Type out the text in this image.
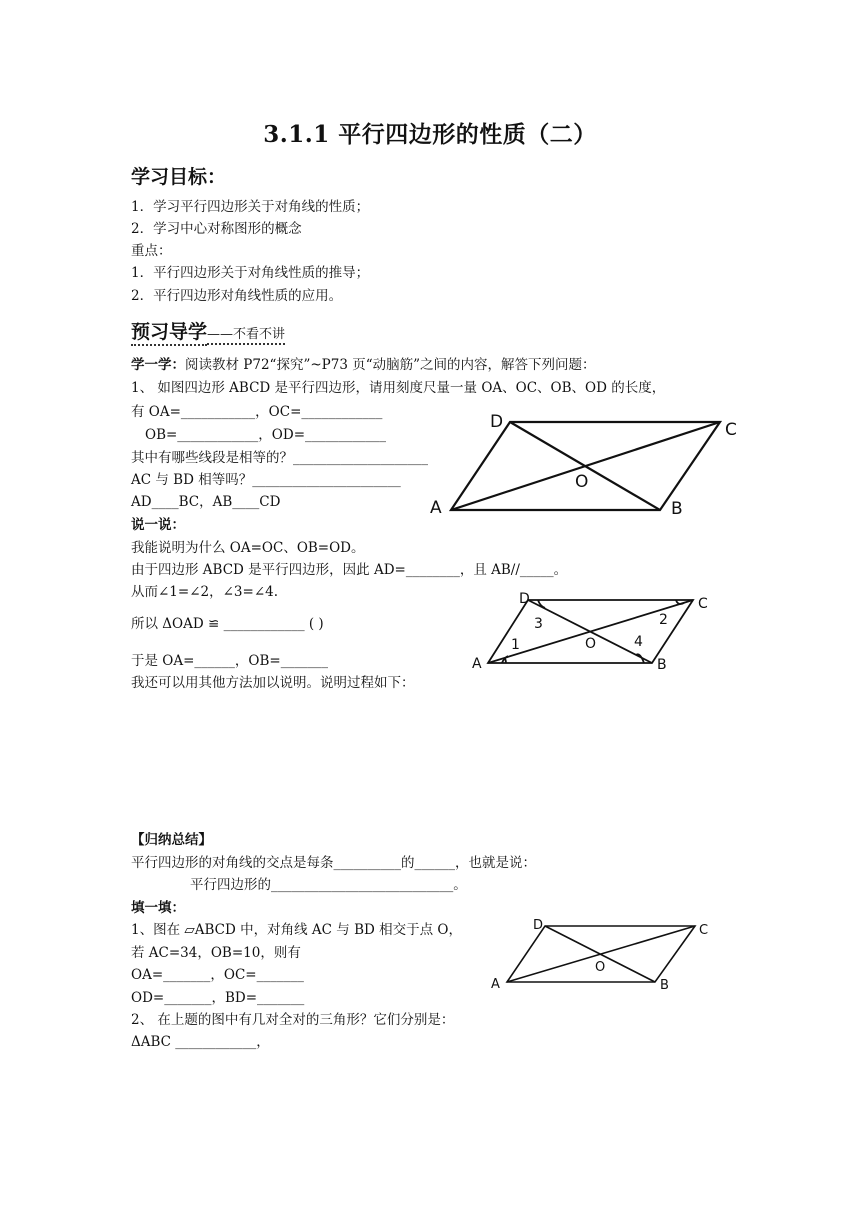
3.1.1 平行四边形的性质（二）
学习目标：
1．学习平行四边形关于对角线的性质；
2．学习中心对称图形的概念
重点：
1．平行四边形关于对角线性质的推导；
2．平行四边形对角线性质的应用。
预习导学——不看不讲
学一学：阅读教材 P72“探究”~P73 页“动脑筋”之间的内容，解答下列问题：
1、 如图四边形 ABCD 是平行四边形，请用刻度尺量一量 OA、OC、OB、OD 的长度，
有 OA=___________，OC=____________
OB=____________，OD=____________
其中有哪些线段是相等的？____________________
AC 与 BD 相等吗？______________________
AD____BC，AB____CD
说一说：
我能说明为什么 OA=OC、OB=OD。
由于四边形 ABCD 是平行四边形，因此 AD=________，且 AB//_____。
从而∠1=∠2，∠3=∠4.
所以 ΔOAD ≌ ____________ ( )
于是 OA=______，OB=_______
我还可以用其他方法加以说明。说明过程如下：
【归纳总结】
平行四边形的对角线的交点是每条__________的______，也就是说：
平行四边形的___________________________。
填一填：
1、图在 ▱ABCD 中，对角线 AC 与 BD 相交于点 O，
若 AC=34，OB=10，则有
OA=_______，OC=_______
OD=_______，BD=_______
2、 在上题的图中有几对全对的三角形？它们分别是：
ΔABC ____________，
A	B
C
D
O
A	B
C
D
O
1
2
3
4
A	B
C
D
O
